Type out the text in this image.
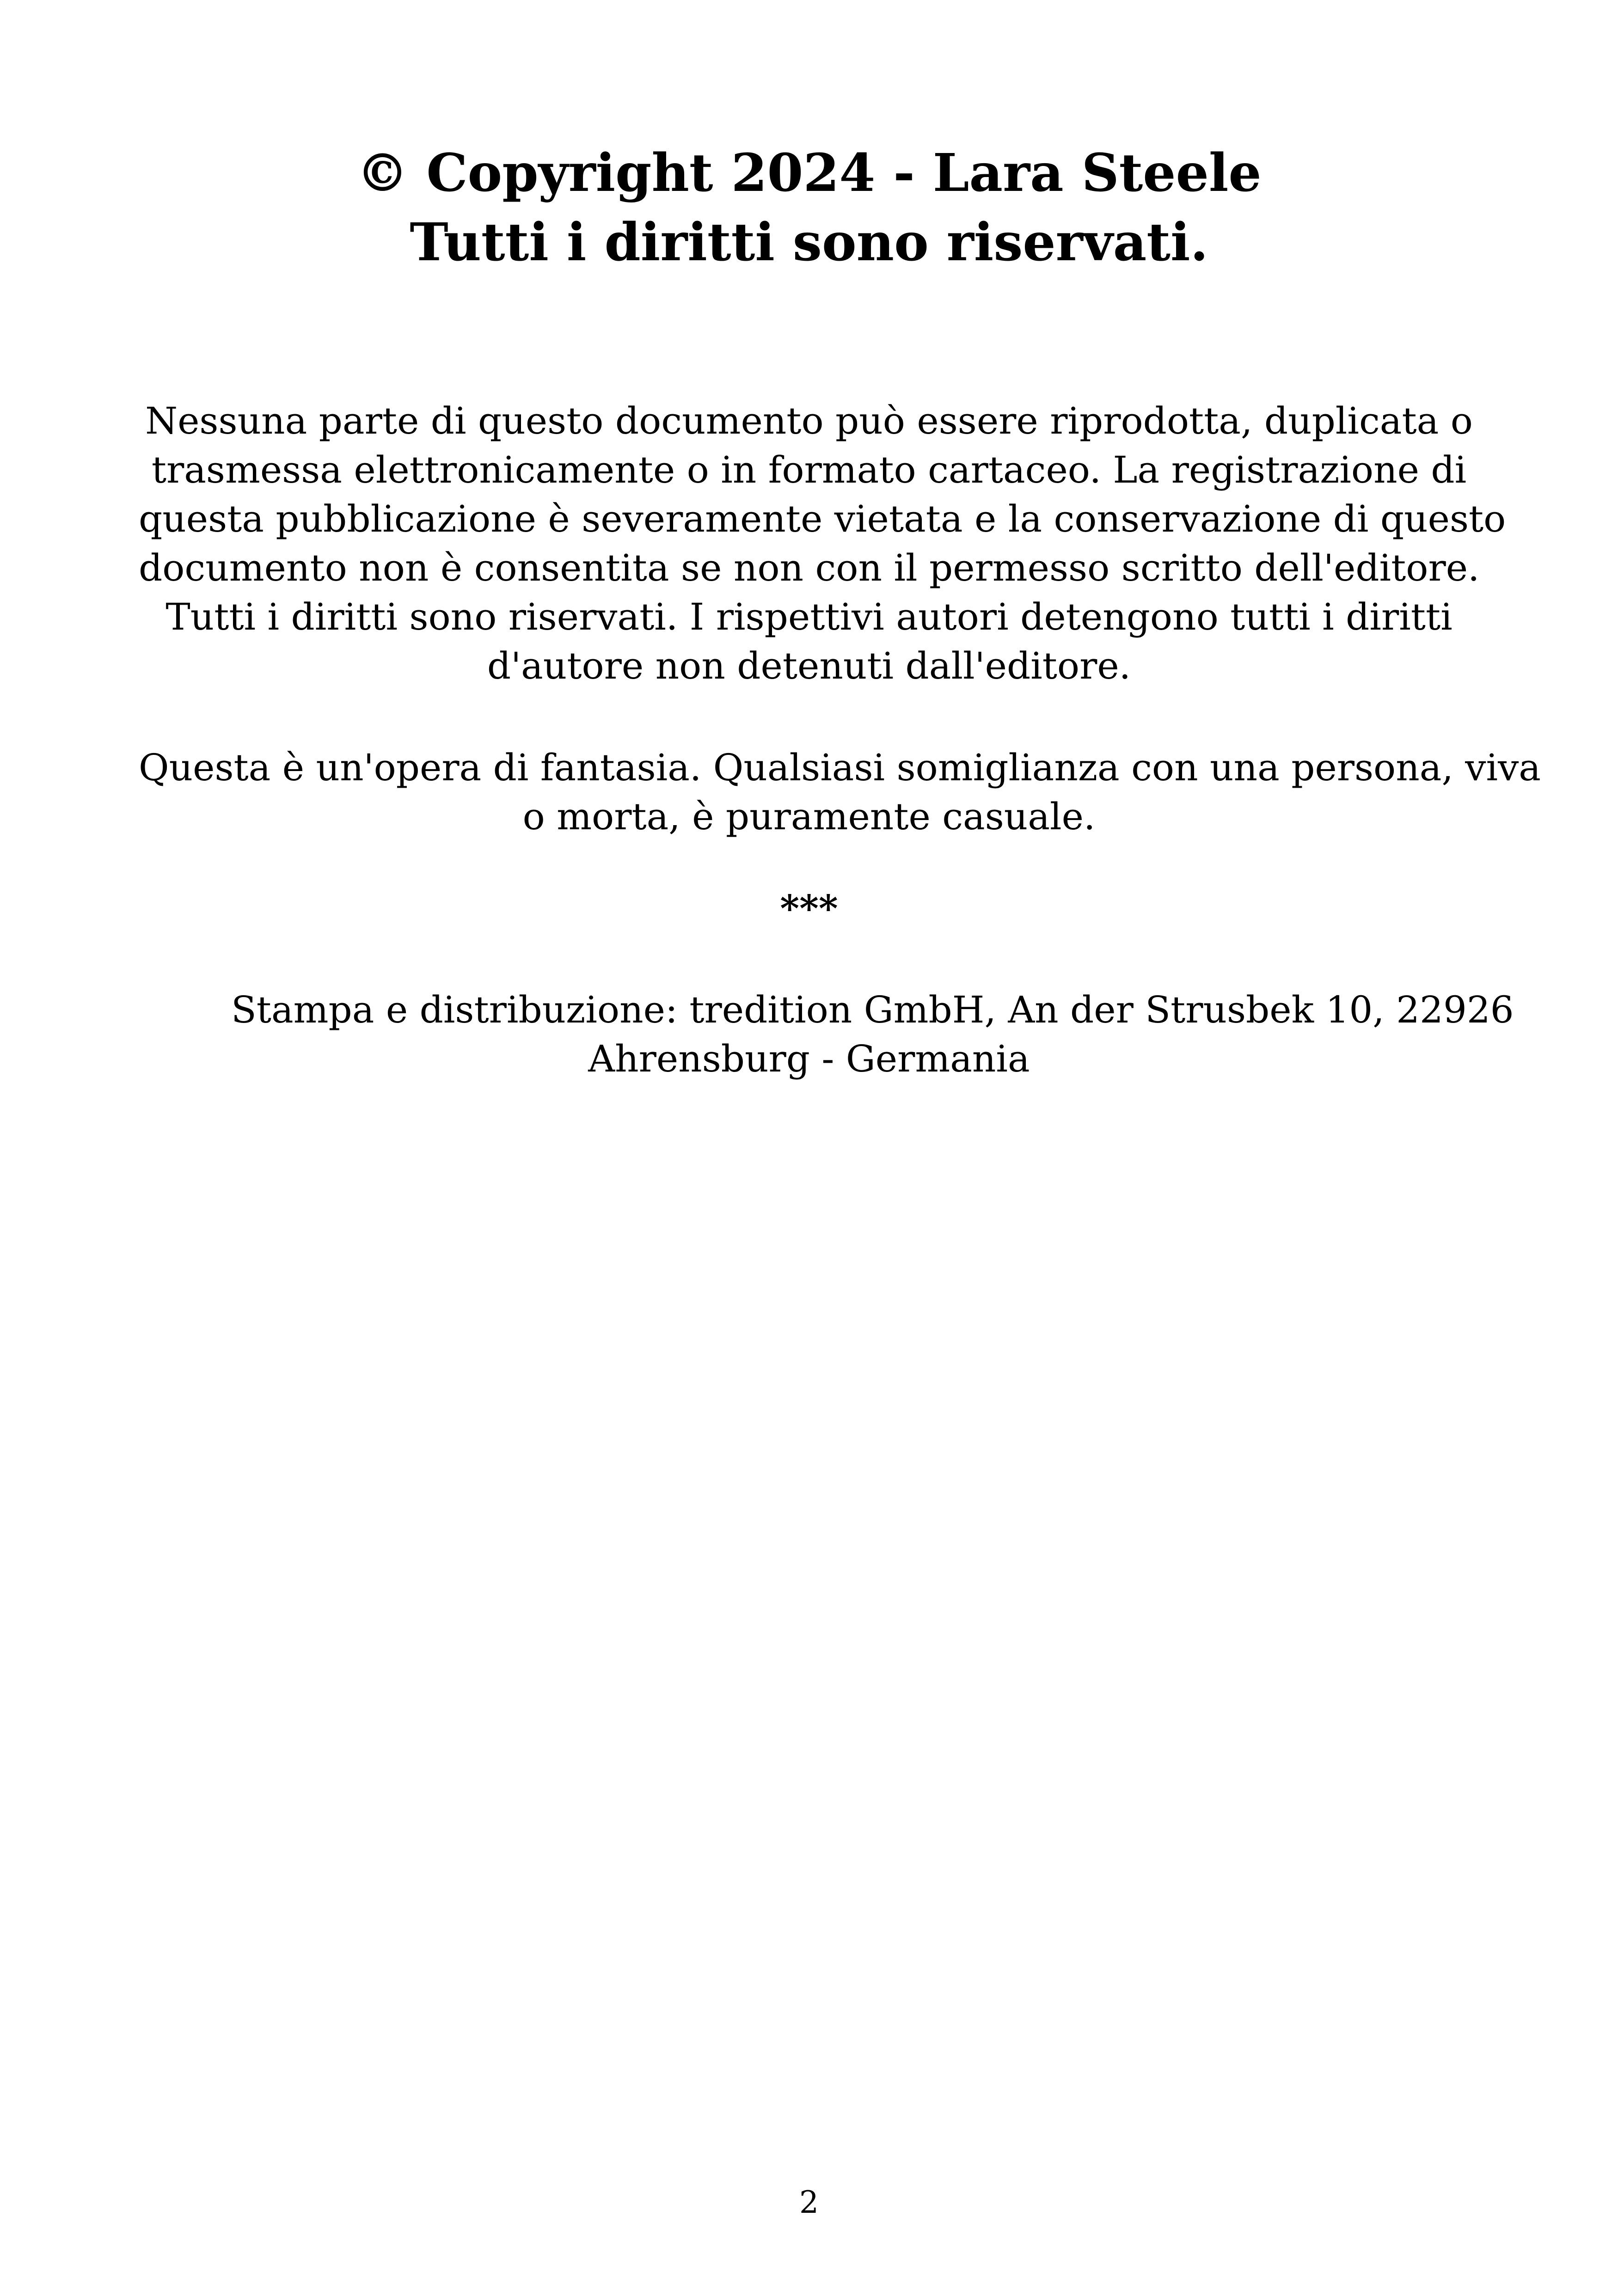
© Copyright 2024 - Lara Steele
Tutti i diritti sono riservati.
Nessuna parte di questo documento può essere riprodotta, duplicata o
trasmessa elettronicamente o in formato cartaceo. La registrazione di
questa pubblicazione è severamente vietata e la conservazione di questo
documento non è consentita se non con il permesso scritto dell'editore.
Tutti i diritti sono riservati. I rispettivi autori detengono tutti i diritti
d'autore non detenuti dall'editore.
Questa è un'opera di fantasia. Qualsiasi somiglianza con una persona, viva
o morta, è puramente casuale.
***
Stampa e distribuzione: tredition GmbH, An der Strusbek 10, 22926
Ahrensburg - Germania
2
